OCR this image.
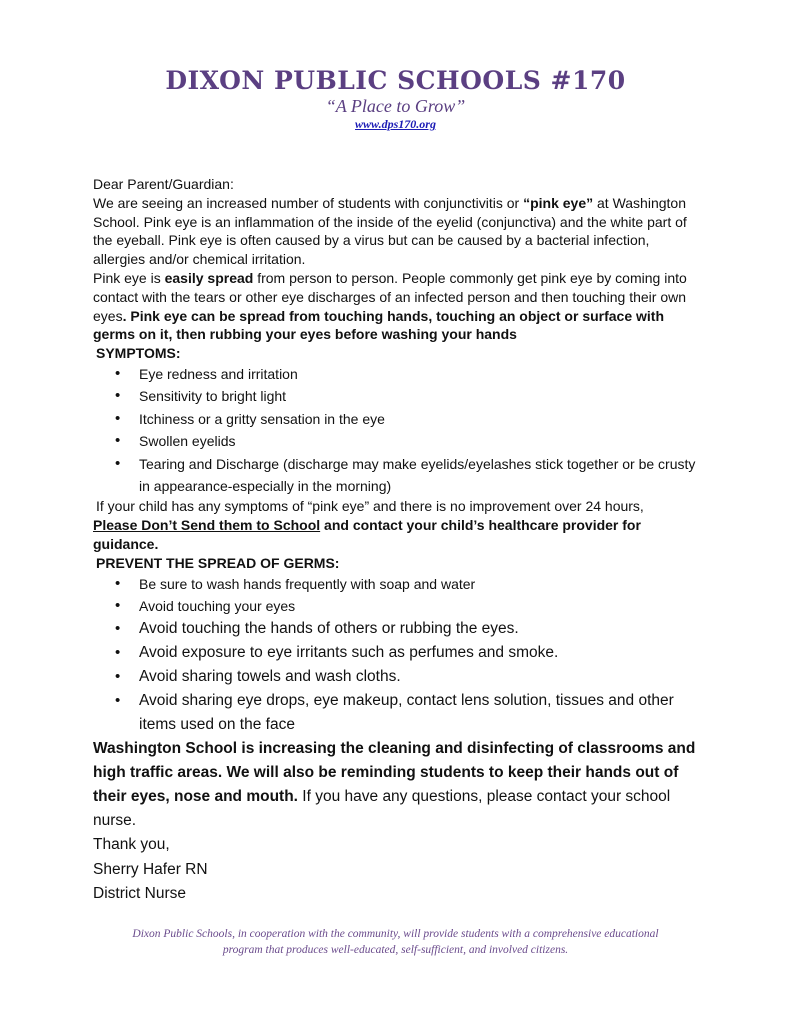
DIXON PUBLIC SCHOOLS #170
“A Place to Grow”
www.dps170.org

Dear Parent/Guardian:

We are seeing an increased number of students with conjunctivitis or “pink eye” at Washington School. Pink eye is an inflammation of the inside of the eyelid (conjunctiva) and the white part of the eyeball. Pink eye is often caused by a virus but can be caused by a bacterial infection, allergies and/or chemical irritation.

Pink eye is easily spread from person to person. People commonly get pink eye by coming into contact with the tears or other eye discharges of an infected person and then touching their own eyes. Pink eye can be spread from touching hands, touching an object or surface with germs on it, then rubbing your eyes before washing your hands

SYMPTOMS:

• Eye redness and irritation
• Sensitivity to bright light
• Itchiness or a gritty sensation in the eye
• Swollen eyelids
• Tearing and Discharge (discharge may make eyelids/eyelashes stick together or be crusty in appearance-especially in the morning)

If your child has any symptoms of “pink eye” and there is no improvement over 24 hours,

Please Don’t Send them to School and contact your child’s healthcare provider for guidance.

PREVENT THE SPREAD OF GERMS:

• Be sure to wash hands frequently with soap and water
• Avoid touching your eyes
• Avoid touching the hands of others or rubbing the eyes.
• Avoid exposure to eye irritants such as perfumes and smoke.
• Avoid sharing towels and wash cloths.
• Avoid sharing eye drops, eye makeup, contact lens solution, tissues and other items used on the face

Washington School is increasing the cleaning and disinfecting of classrooms and high traffic areas. We will also be reminding students to keep their hands out of their eyes, nose and mouth. If you have any questions, please contact your school nurse.

Thank you,

Sherry Hafer RN

District Nurse

Dixon Public Schools, in cooperation with the community, will provide students with a comprehensive educational
program that produces well-educated, self-sufficient, and involved citizens.
